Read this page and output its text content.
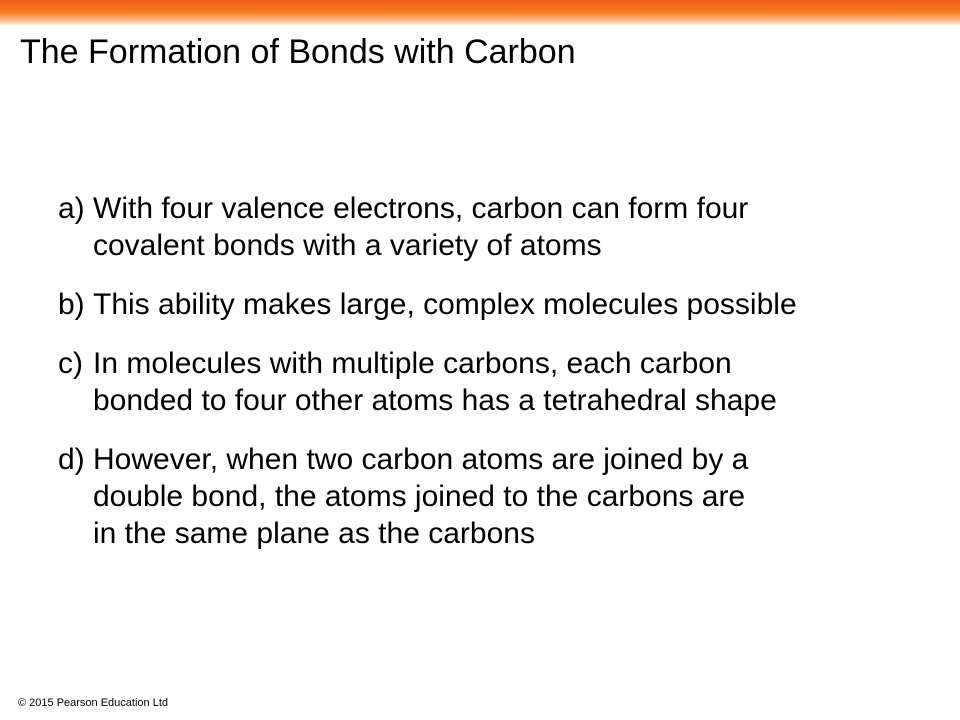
The Formation of Bonds with Carbon
a) With four valence electrons, carbon can form four
covalent bonds with a variety of atoms
b) This ability makes large, complex molecules possible
c) In molecules with multiple carbons, each carbon
bonded to four other atoms has a tetrahedral shape
d) However, when two carbon atoms are joined by a
double bond, the atoms joined to the carbons are
in the same plane as the carbons
© 2015 Pearson Education Ltd
